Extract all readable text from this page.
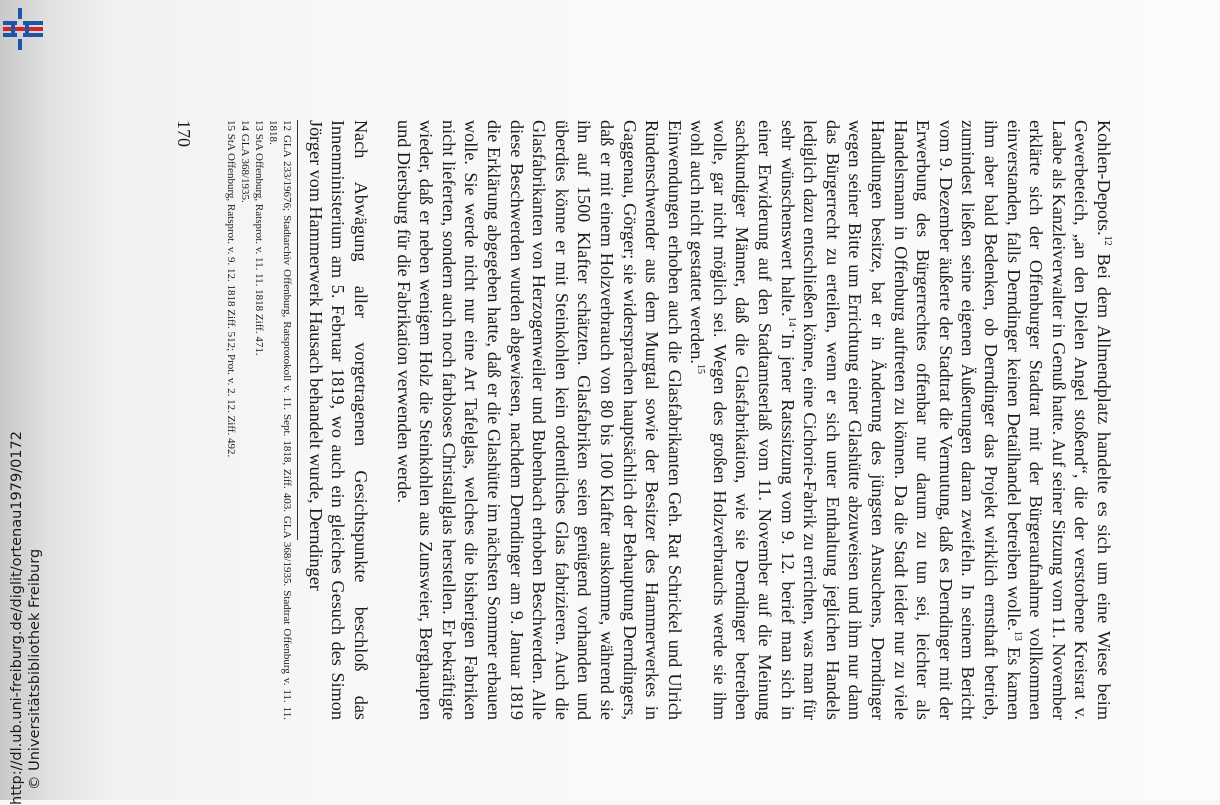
http://dl.ub.uni-freiburg.de/diglit/ortenau1979/0172 © Universitätsbibliothek Freiburg

Kohlen-Depots.$^{12}$ Bei dem Allmendplatz handelte es sich um eine Wiese beim Gewerbeteich, „an den Dielen Angel stoßend“, die der verstorbene Kreisrat v. Laabe als Kanzleiverwalter in Genuß hatte. Auf seiner Sitzung vom 11. November erklärte sich der Offenburger Stadtrat mit der Bürgeraufnahme vollkommen einverstanden, falls Derndinger keinen Detailhandel betreiben wolle.$^{13}$ Es kamen ihm aber bald Bedenken, ob Derndinger das Projekt wirklich ernsthaft betrieb, zumindest ließen seine eigenen Äußerungen daran zweifeln. In seinem Bericht vom 9. Dezember äußerte der Stadtrat die Vermutung, daß es Derndinger mit der Erwerbung des Bürgerrechtes offenbar nur darum zu tun sei, leichter als Handelsmann in Offenburg auftreten zu können. Da die Stadt leider nur zu viele Handlungen besitze, bat er in Änderung des jüngsten Ansuchens, Derndinger wegen seiner Bitte um Errichtung einer Glashütte abzuweisen und ihm nur dann das Bürgerrecht zu erteilen, wenn er sich unter Enthaltung jeglichen Handels lediglich dazu entschließen könne, eine Cichorie-Fabrik zu errichten, was man für sehr wünschenswert halte.$^{14}$ In jener Ratssitzung vom 9. 12. berief man sich in einer Erwiderung auf den Stadtamtserlaß vom 11. November auf die Meinung sachkundiger Männer, daß die Glasfabrikation, wie sie Derndinger betreiben wolle, gar nicht möglich sei. Wegen des großen Holzverbrauchs werde sie ihm wohl auch nicht gestattet werden.$^{15}$

Einwendungen erhoben auch die Glasfabrikanten Geh. Rat Schrickel und Ulrich Rindenschwender aus dem Murgtal sowie der Besitzer des Hammerwerkes in Gaggenau, Görger; sie widersprachen hauptsächlich der Behauptung Derndingers, daß er mit einem Holzverbrauch von 80 bis 100 Klafter auskomme, während sie ihn auf 1500 Klafter schätzten. Glasfabriken seien genügend vorhanden und überdies könne er mit Steinkohlen kein ordentliches Glas fabrizieren. Auch die Glasfabrikanten von Herzogenweiler und Bubenbach erhoben Beschwerden. Alle diese Beschwerden wurden abgewiesen, nachdem Derndinger am 9. Januar 1819 die Erklärung abgegeben hatte, daß er die Glashütte im nächsten Sommer erbauen wolle. Sie werde nicht nur eine Art Tafelglas, welches die bisherigen Fabriken nicht lieferten, sondern auch noch farbloses Christallglas herstellen. Er bekräftigte wieder, daß er neben wenigem Holz die Steinkohlen aus Zunsweier, Berghaupten und Diersburg für die Fabrikation verwenden werde.

Nach Abwägung aller vorgetragenen Gesichtspunkte beschloß das Innenministerium am 5. Februar 1819, wo auch ein gleiches Gesuch des Simon Jörger vom Hammerwerk Hausach behandelt wurde, Derndinger

12 GLA 233/19676; Stadtarchiv Offenburg, Ratsprotokoll v. 11. Sept. 1818, Ziff. 403. GLA 368/1935. Stadtrat Offenburg v. 11. 11. 1818.
13 StA Offenburg, Ratsprot. v. 11. 11. 1818 Ziff. 471.
14 GLA 368/1935.
15 StA Offenburg, Ratsprot. v. 9. 12. 1818 Ziff. 512; Prot. v. 2. 12. Ziff. 492.
170
